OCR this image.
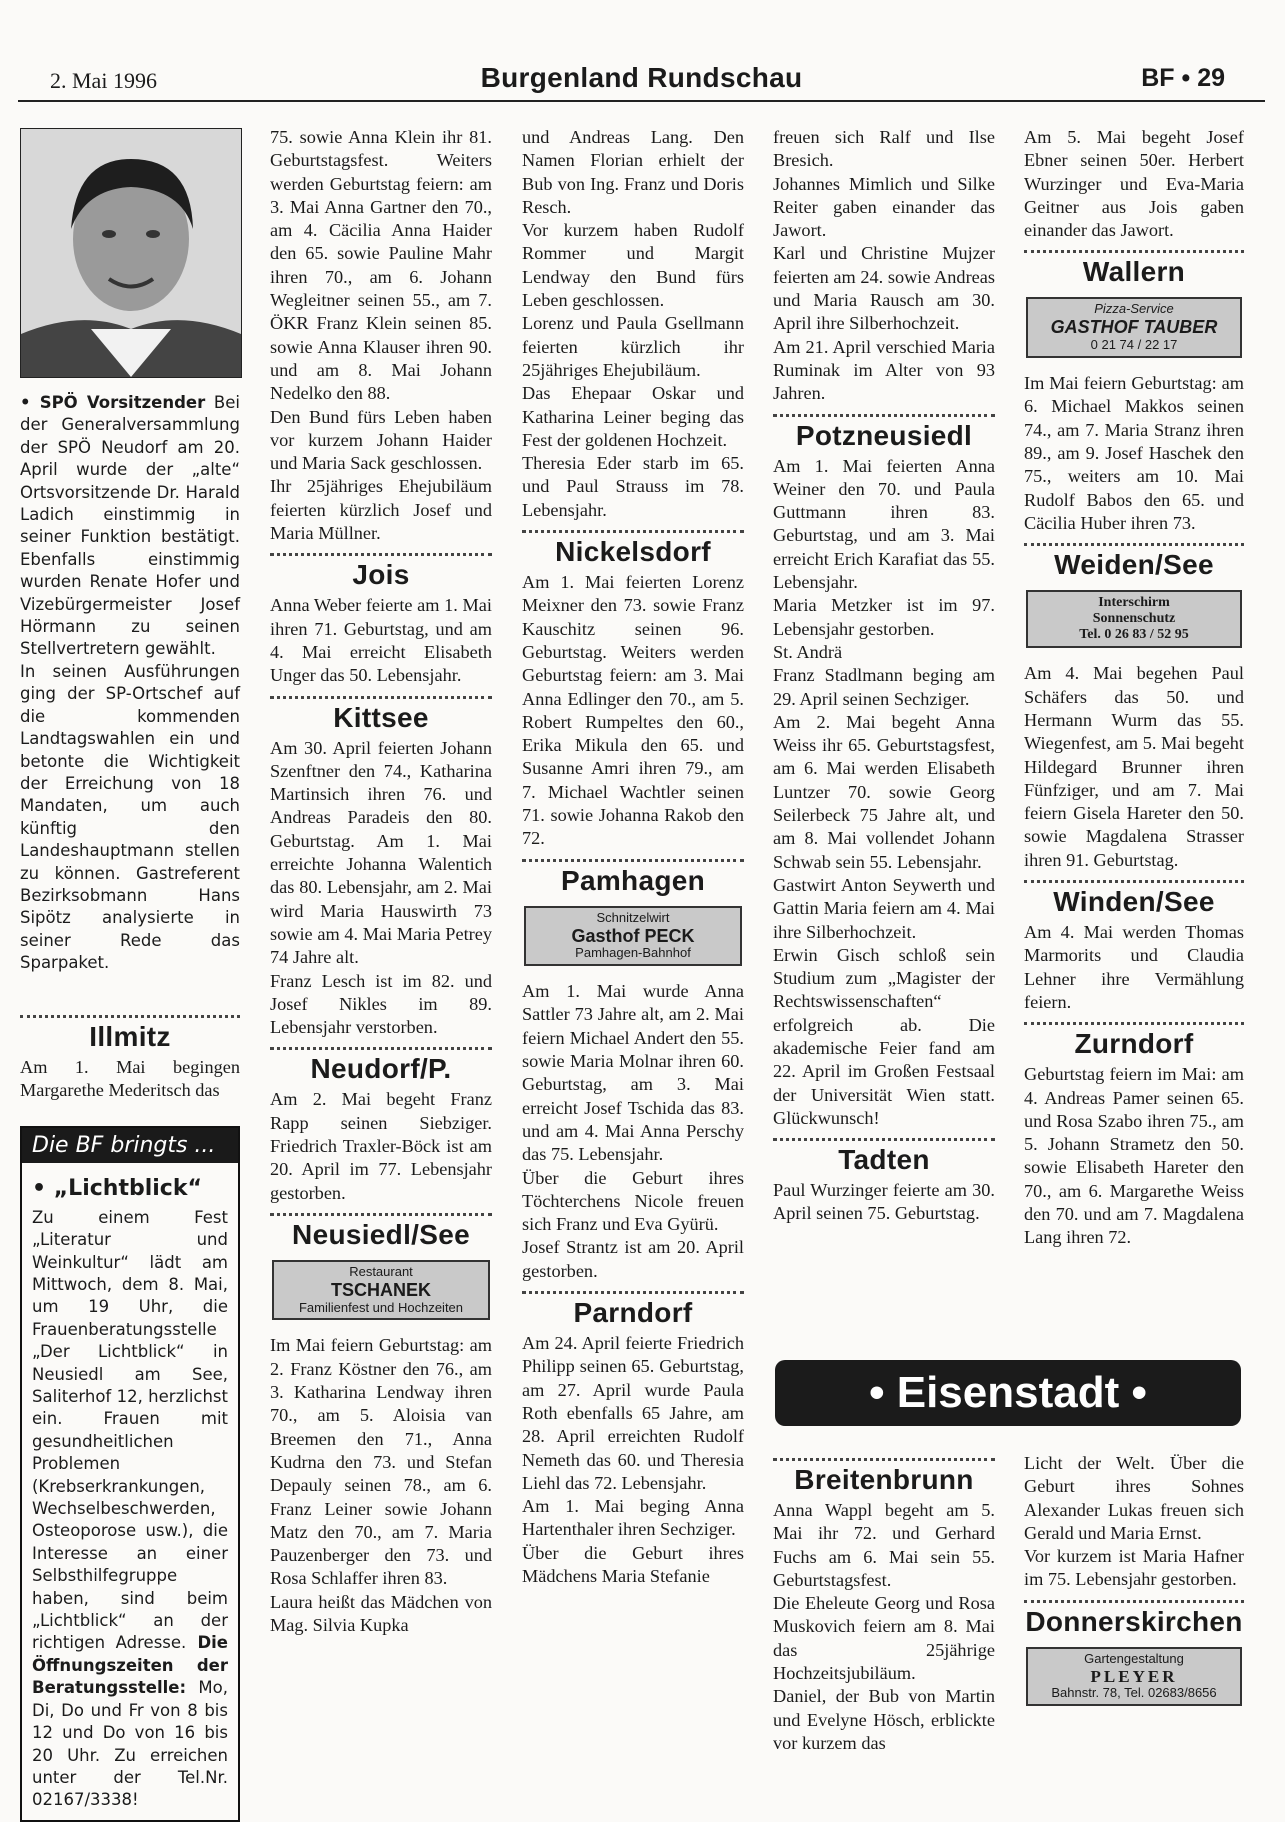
2. Mai 1996	Burgenland Rundschau	BF • 29

• SPÖ Vorsitzender Bei der Generalversammlung der SPÖ Neudorf am 20. April wurde der „alte“ Ortsvorsitzende Dr. Harald Ladich einstimmig in seiner Funktion bestätigt. Ebenfalls einstimmig wurden Renate Hofer und Vizebürgermeister Josef Hörmann zu seinen Stellvertretern gewählt.

In seinen Ausführungen ging der SP-Ortschef auf die kommenden Landtagswahlen ein und betonte die Wichtigkeit der Erreichung von 18 Mandaten, um auch künftig den Landeshauptmann stellen zu können. Gastreferent Bezirksobmann Hans Sipötz analysierte in seiner Rede das Sparpaket.

Illmitz

Am 1. Mai begingen Margarethe Mederitsch das

Die BF bringts ...
• „Lichtblick“
Zu einem Fest „Literatur und Weinkultur“ lädt am Mittwoch, dem 8. Mai, um 19 Uhr, die Frauenberatungsstelle „Der Lichtblick“ in Neusiedl am See, Saliterhof 12, herzlichst ein. Frauen mit gesundheitlichen Problemen (Krebserkrankungen, Wechselbeschwerden, Osteoporose usw.), die Interesse an einer Selbsthilfegruppe haben, sind beim „Lichtblick“ an der richtigen Adresse. Die Öffnungszeiten der Beratungsstelle: Mo, Di, Do und Fr von 8 bis 12 und Do von 16 bis 20 Uhr. Zu erreichen unter der Tel.Nr. 02167/3338!

75. sowie Anna Klein ihr 81. Geburtstagsfest. Weiters werden Geburtstag feiern: am 3. Mai Anna Gartner den 70., am 4. Cäcilia Anna Haider den 65. sowie Pauline Mahr ihren 70., am 6. Johann Wegleitner seinen 55., am 7. ÖKR Franz Klein seinen 85. sowie Anna Klauser ihren 90. und am 8. Mai Johann Nedelko den 88.

Den Bund fürs Leben haben vor kurzem Johann Haider und Maria Sack geschlossen.

Ihr 25jähriges Ehejubiläum feierten kürzlich Josef und Maria Müllner.

Jois

Anna Weber feierte am 1. Mai ihren 71. Geburtstag, und am 4. Mai erreicht Elisabeth Unger das 50. Lebensjahr.

Kittsee

Am 30. April feierten Johann Szenftner den 74., Katharina Martinsich ihren 76. und Andreas Paradeis den 80. Geburtstag. Am 1. Mai erreichte Johanna Walentich das 80. Lebensjahr, am 2. Mai wird Maria Hauswirth 73 sowie am 4. Mai Maria Petrey 74 Jahre alt.

Franz Lesch ist im 82. und Josef Nikles im 89. Lebensjahr verstorben.

Neudorf/P.

Am 2. Mai begeht Franz Rapp seinen Siebziger. Friedrich Traxler-Böck ist am 20. April im 77. Lebensjahr gestorben.

Neusiedl/See
Restaurant
TSCHANEK
Familienfest und Hochzeiten

Im Mai feiern Geburtstag: am 2. Franz Köstner den 76., am 3. Katharina Lendway ihren 70., am 5. Aloisia van Breemen den 71., Anna Kudrna den 73. und Stefan Depauly seinen 78., am 6. Franz Leiner sowie Johann Matz den 70., am 7. Maria Pauzenberger den 73. und Rosa Schlaffer ihren 83.

Laura heißt das Mädchen von Mag. Silvia Kupka

und Andreas Lang. Den Namen Florian erhielt der Bub von Ing. Franz und Doris Resch.

Vor kurzem haben Rudolf Rommer und Margit Lendway den Bund fürs Leben geschlossen.

Lorenz und Paula Gsellmann feierten kürzlich ihr 25jähriges Ehejubiläum.

Das Ehepaar Oskar und Katharina Leiner beging das Fest der goldenen Hochzeit.

Theresia Eder starb im 65. und Paul Strauss im 78. Lebensjahr.

Nickelsdorf

Am 1. Mai feierten Lorenz Meixner den 73. sowie Franz Kauschitz seinen 96. Geburtstag. Weiters werden Geburtstag feiern: am 3. Mai Anna Edlinger den 70., am 5. Robert Rumpeltes den 60., Erika Mikula den 65. und Susanne Amri ihren 79., am 7. Michael Wachtler seinen 71. sowie Johanna Rakob den 72.

Pamhagen
Schnitzelwirt
Gasthof PECK
Pamhagen-Bahnhof

Am 1. Mai wurde Anna Sattler 73 Jahre alt, am 2. Mai feiern Michael Andert den 55. sowie Maria Molnar ihren 60. Geburtstag, am 3. Mai erreicht Josef Tschida das 83. und am 4. Mai Anna Perschy das 75. Lebensjahr.

Über die Geburt ihres Töchterchens Nicole freuen sich Franz und Eva Gyürü.

Josef Strantz ist am 20. April gestorben.

Parndorf

Am 24. April feierte Friedrich Philipp seinen 65. Geburtstag, am 27. April wurde Paula Roth ebenfalls 65 Jahre, am 28. April erreichten Rudolf Nemeth das 60. und Theresia Liehl das 72. Lebensjahr.

Am 1. Mai beging Anna Hartenthaler ihren Sechziger.

Über die Geburt ihres Mädchens Maria Stefanie

freuen sich Ralf und Ilse Bresich.

Johannes Mimlich und Silke Reiter gaben einander das Jawort.

Karl und Christine Mujzer feierten am 24. sowie Andreas und Maria Rausch am 30. April ihre Silberhochzeit.

Am 21. April verschied Maria Ruminak im Alter von 93 Jahren.

Potzneusiedl

Am 1. Mai feierten Anna Weiner den 70. und Paula Guttmann ihren 83. Geburtstag, und am 3. Mai erreicht Erich Karafiat das 55. Lebensjahr.

Maria Metzker ist im 97. Lebensjahr gestorben.

St. Andrä

Franz Stadlmann beging am 29. April seinen Sechziger.

Am 2. Mai begeht Anna Weiss ihr 65. Geburtstagsfest, am 6. Mai werden Elisabeth Luntzer 70. sowie Georg Seilerbeck 75 Jahre alt, und am 8. Mai vollendet Johann Schwab sein 55. Lebensjahr.

Gastwirt Anton Seywerth und Gattin Maria feiern am 4. Mai ihre Silberhochzeit.

Erwin Gisch schloß sein Studium zum „Magister der Rechtswissenschaften“ erfolgreich ab. Die akademische Feier fand am 22. April im Großen Festsaal der Universität Wien statt. Glückwunsch!

Tadten

Paul Wurzinger feierte am 30. April seinen 75. Geburtstag.

Am 5. Mai begeht Josef Ebner seinen 50er. Herbert Wurzinger und Eva-Maria Geitner aus Jois gaben einander das Jawort.

Wallern
Pizza-Service
GASTHOF TAUBER
0 21 74 / 22 17

Im Mai feiern Geburtstag: am 6. Michael Makkos seinen 74., am 7. Maria Stranz ihren 89., am 9. Josef Haschek den 75., weiters am 10. Mai Rudolf Babos den 65. und Cäcilia Huber ihren 73.

Weiden/See
Interschirm
Sonnenschutz
Tel. 0 26 83 / 52 95

Am 4. Mai begehen Paul Schäfers das 50. und Hermann Wurm das 55. Wiegenfest, am 5. Mai begeht Hildegard Brunner ihren Fünfziger, und am 7. Mai feiern Gisela Hareter den 50. sowie Magdalena Strasser ihren 91. Geburtstag.

Winden/See

Am 4. Mai werden Thomas Marmorits und Claudia Lehner ihre Vermählung feiern.

Zurndorf

Geburtstag feiern im Mai: am 4. Andreas Pamer seinen 65. und Rosa Szabo ihren 75., am 5. Johann Strametz den 50. sowie Elisabeth Hareter den 70., am 6. Margarethe Weiss den 70. und am 7. Magdalena Lang ihren 72.

• Eisenstadt •
Breitenbrunn

Anna Wappl begeht am 5. Mai ihr 72. und Gerhard Fuchs am 6. Mai sein 55. Geburtstagsfest.

Die Eheleute Georg und Rosa Muskovich feiern am 8. Mai das 25jährige Hochzeitsjubiläum.

Daniel, der Bub von Martin und Evelyne Hösch, erblickte vor kurzem das

Licht der Welt. Über die Geburt ihres Sohnes Alexander Lukas freuen sich Gerald und Maria Ernst.

Vor kurzem ist Maria Hafner im 75. Lebensjahr gestorben.

Donnerskirchen
Gartengestaltung
PLEYER
Bahnstr. 78, Tel. 02683/8656
